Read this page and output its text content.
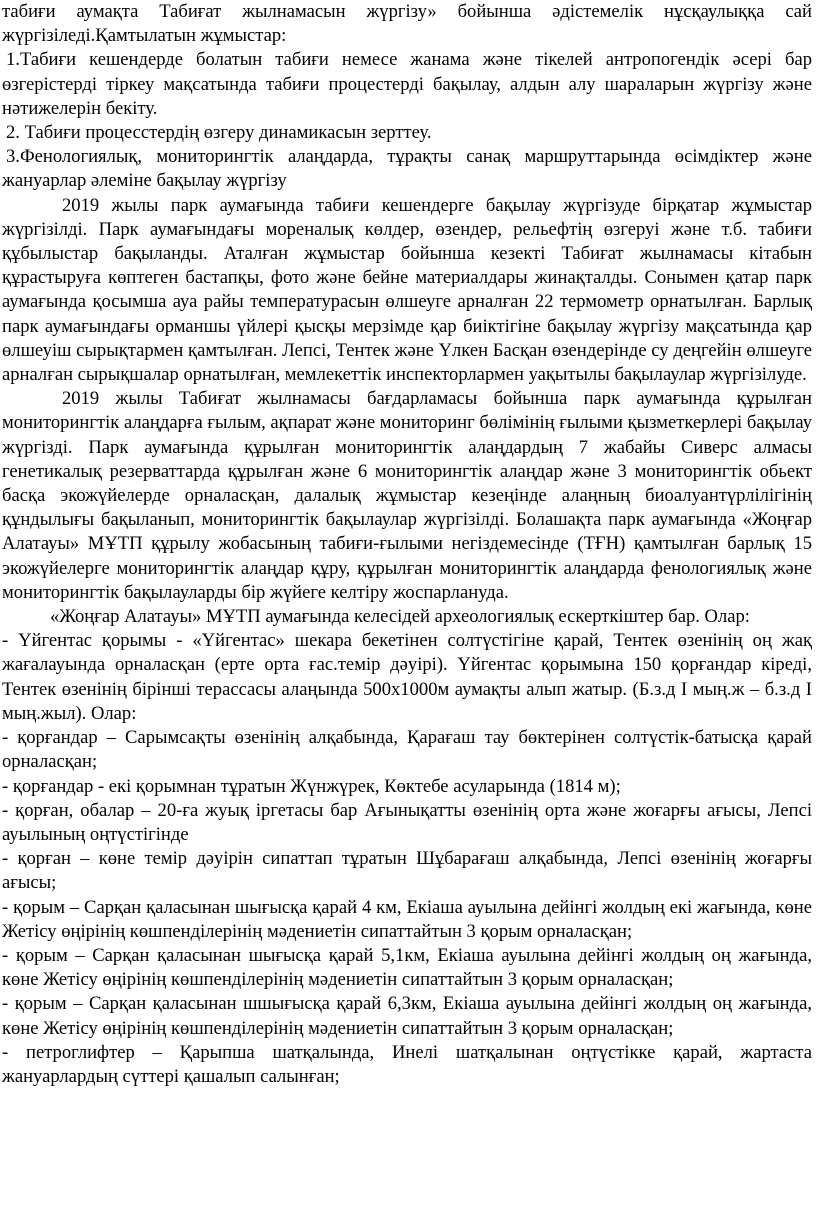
табиғи аумақта Табиғат жылнамасын жүргізу» бойынша әдістемелік нұсқаулыққа сай жүргізіледі.Қамтылатын жұмыстар:

1.Табиғи кешендерде болатын табиғи немесе жанама және тікелей антропогендік әсері бар өзгерістерді тіркеу мақсатында табиғи процестерді бақылау, алдын алу шараларын жүргізу және нәтижелерін бекіту.

2. Табиғи процесстердің өзгеру динамикасын зерттеу.

3.Фенологиялық, мониторингтік алаңдарда, тұрақты санақ маршруттарында өсімдіктер және жануарлар әлеміне бақылау жүргізу

2019 жылы парк аумағында табиғи кешендерге бақылау жүргізуде бірқатар жұмыстар жүргізілді. Парк аумағындағы мореналық көлдер, өзендер, рельефтің өзгеруі және т.б. табиғи құбылыстар бақыланды. Аталған жұмыстар бойынша кезекті Табиғат жылнамасы кітабын құрастыруға көптеген бастапқы, фото және бейне материалдары жинақталды. Сонымен қатар парк аумағында қосымша ауа райы температурасын өлшеуге арналған 22 термометр орнатылған. Барлық парк аумағындағы орманшы үйлері қысқы мерзімде қар биіктігіне бақылау жүргізу мақсатында қар өлшеуіш сырықтармен қамтылған. Лепсі, Тентек және Үлкен Басқан өзендерінде су деңгейін өлшеуге арналған сырықшалар орнатылған, мемлекеттік инспекторлармен уақытылы бақылаулар жүргізілуде.

2019 жылы Табиғат жылнамасы бағдарламасы бойынша парк аумағында құрылған мониторингтік алаңдарға ғылым, ақпарат және мониторинг бөлімінің ғылыми қызметкерлері бақылау жүргізді. Парк аумағында құрылған мониторингтік алаңдардың 7 жабайы Сиверс алмасы генетикалық резерваттарда құрылған және 6 мониторингтік алаңдар және 3 мониторингтік обьект басқа экожүйелерде орналасқан, далалық жұмыстар кезеңінде алаңның биоалуантүрлілігінің құндылығы бақыланып, мониторингтік бақылаулар жүргізілді. Болашақта парк аумағында «Жоңғар Алатауы» МҰТП құрылу жобасының табиғи-ғылыми негіздемесінде (ТҒН) қамтылған барлық 15 экожүйелерге мониторингтік алаңдар құру, құрылған мониторингтік алаңдарда фенологиялық және мониторингтік бақылауларды бір жүйеге келтіру жоспарлануда.

«Жоңғар Алатауы» МҰТП аумағында келесідей археологиялық ескерткіштер бар. Олар:

- Үйгентас қорымы - «Үйгентас» шекара бекетінен солтүстігіне қарай, Тентек өзенінің оң жақ жағалауында орналасқан (ерте орта ғас.темір дәуірі). Үйгентас қорымына 150 қорғандар кіреді, Тентек өзенінің бірінші терассасы алаңында 500х1000м аумақты алып жатыр. (Б.з.д I мың.ж – б.з.д I мың.жыл). Олар:

- қорғандар – Сарымсақты өзенінің алқабында, Қарағаш тау бөктерінен солтүстік-батысқа қарай орналасқан;

- қорғандар - екі қорымнан тұратын Жүнжүрек, Көктебе асуларында (1814 м);

- қорған, обалар – 20-ға жуық іргетасы бар Ағынықатты өзенінің орта және жоғарғы ағысы, Лепсі ауылының оңтүстігінде

- қорған – көне темір дәуірін сипаттап тұратын Шұбарағаш алқабында, Лепсі өзенінің жоғарғы ағысы;

- қорым – Сарқан қаласынан шығысқа қарай 4 км, Екіаша ауылына дейінгі жолдың екі жағында, көне Жетісу өңірінің көшпенділерінің мәдениетін сипаттайтын 3 қорым орналасқан;

- қорым – Сарқан қаласынан шығысқа қарай 5,1км, Екіаша ауылына дейінгі жолдың оң жағында, көне Жетісу өңірінің көшпенділерінің мәдениетін сипаттайтын 3 қорым орналасқан;

- қорым – Сарқан қаласынан шшығысқа қарай 6,3км, Екіаша ауылына дейінгі жолдың оң жағында, көне Жетісу өңірінің көшпенділерінің мәдениетін сипаттайтын 3 қорым орналасқан;

- петроглифтер – Қарыпша шатқалында, Инелі шатқалынан оңтүстікке қарай, жартаста жануарлардың сүттері қашалып салынған;
